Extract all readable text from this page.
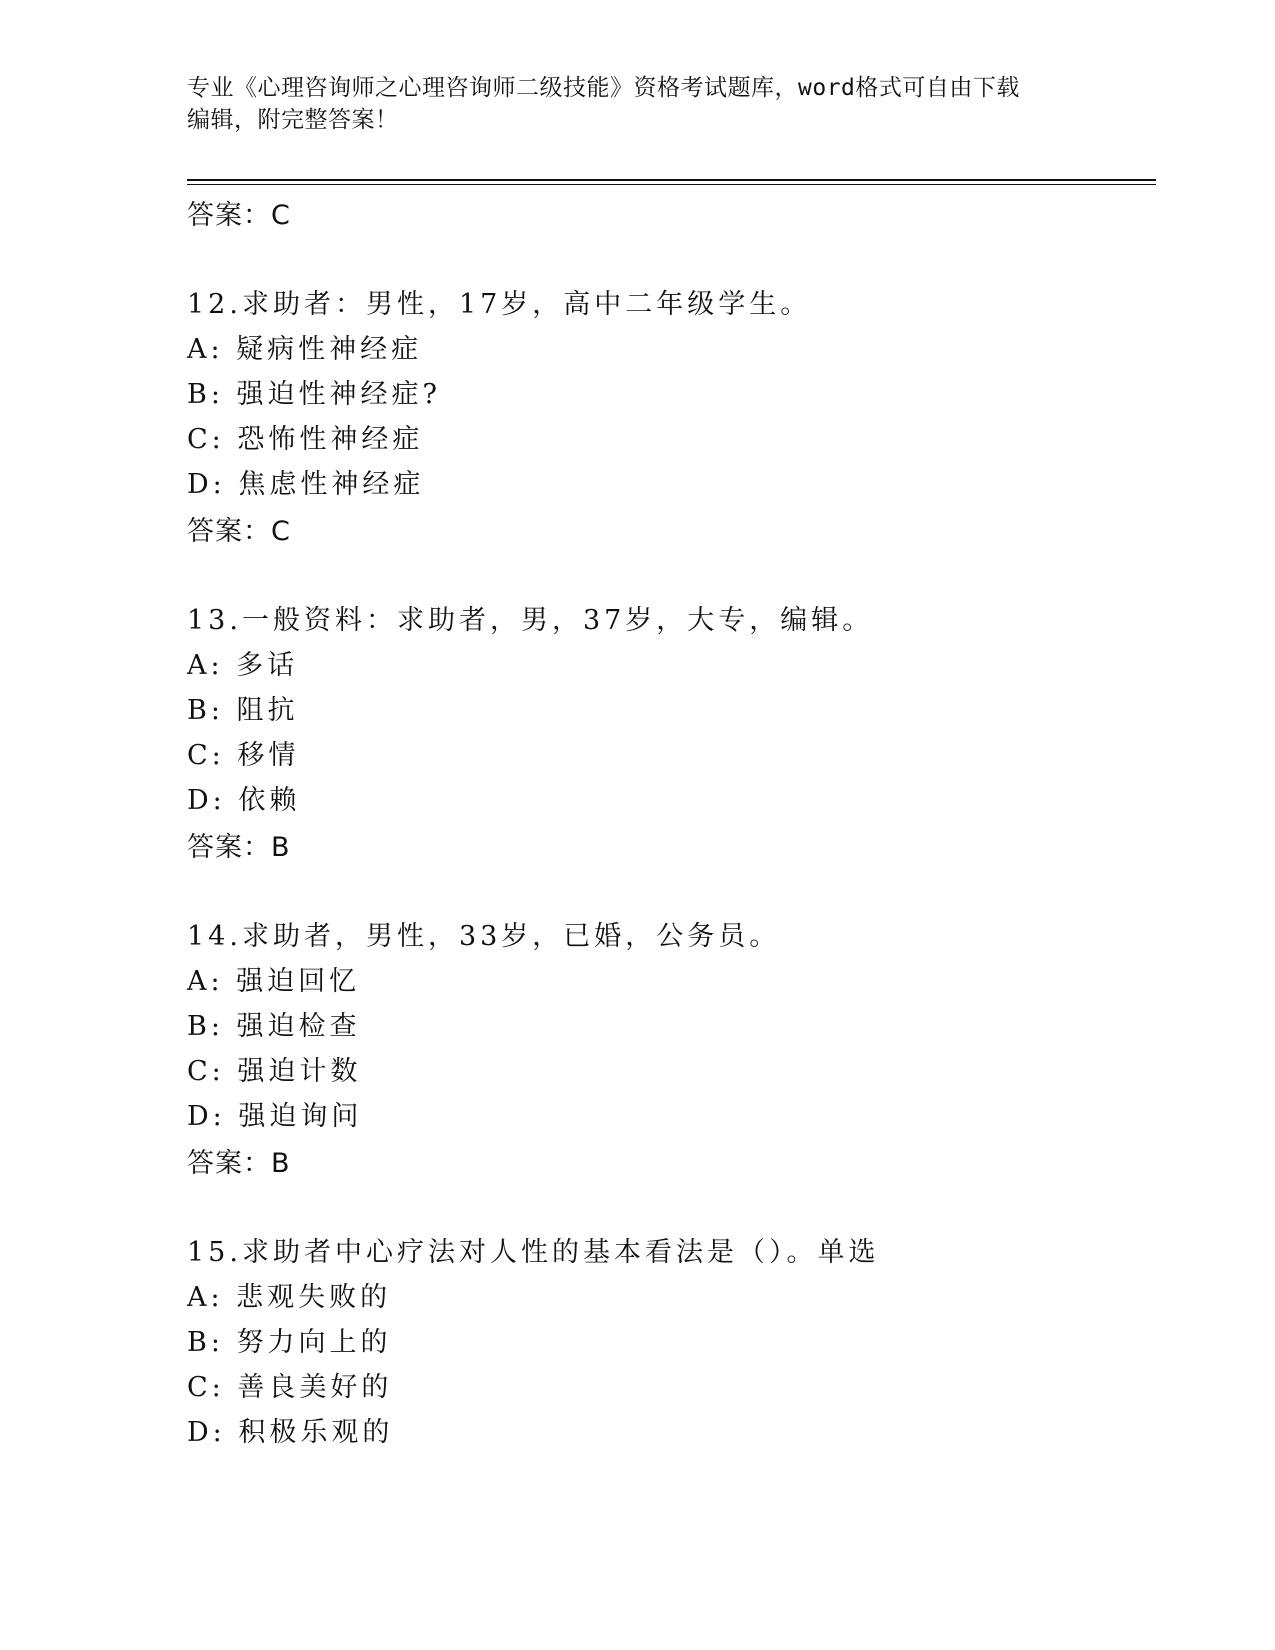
专业《心理咨询师之心理咨询师二级技能》资格考试题库，word格式可自由下载
编辑，附完整答案！
答案：C
12.求助者：男性，17岁，高中二年级学生。
A: 疑病性神经症
B: 强迫性神经症?
C: 恐怖性神经症
D: 焦虑性神经症
答案：C
13.一般资料：求助者，男，37岁，大专，编辑。
A: 多话
B: 阻抗
C: 移情
D: 依赖
答案：B
14.求助者，男性，33岁，已婚，公务员。
A: 强迫回忆
B: 强迫检查
C: 强迫计数
D: 强迫询问
答案：B
15.求助者中心疗法对人性的基本看法是（）。单选
A: 悲观失败的
B: 努力向上的
C: 善良美好的
D: 积极乐观的
